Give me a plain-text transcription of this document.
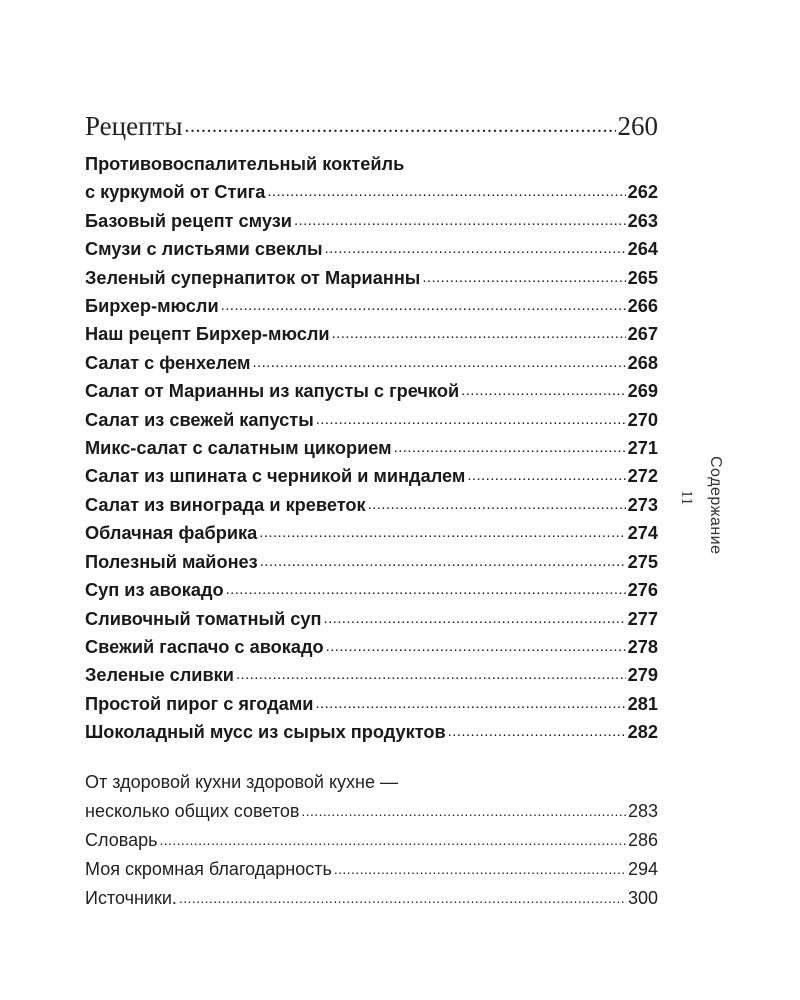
Рецепты .....	260
Противовоспалительный коктейль
с куркумой от Стига .....	262
Базовый рецепт смузи .....	263
Смузи с листьями свеклы .....	264
Зеленый супернапиток от Марианны .....	265
Бирхер-мюсли .....	266
Наш рецепт Бирхер-мюсли .....	267
Салат с фенхелем .....	268
Салат от Марианны из капусты с гречкой .....	269
Салат из свежей капусты .....	270
Микс-салат с салатным цикорием .....	271
Салат из шпината с черникой и миндалем .....	272
Салат из винограда и креветок .....	273
Облачная фабрика .....	274
Полезный майонез .....	275
Суп из авокадо .....	276
Сливочный томатный суп .....	277
Свежий гаспачо с авокадо .....	278
Зеленые сливки .....	279
Простой пирог с ягодами .....	281
Шоколадный мусс из сырых продуктов .....	282
От здоровой кухни здоровой кухне —
несколько общих советов .....	283
Словарь .....	286
Моя скромная благодарность .....	294
Источники. .....	300
Содержание
11
